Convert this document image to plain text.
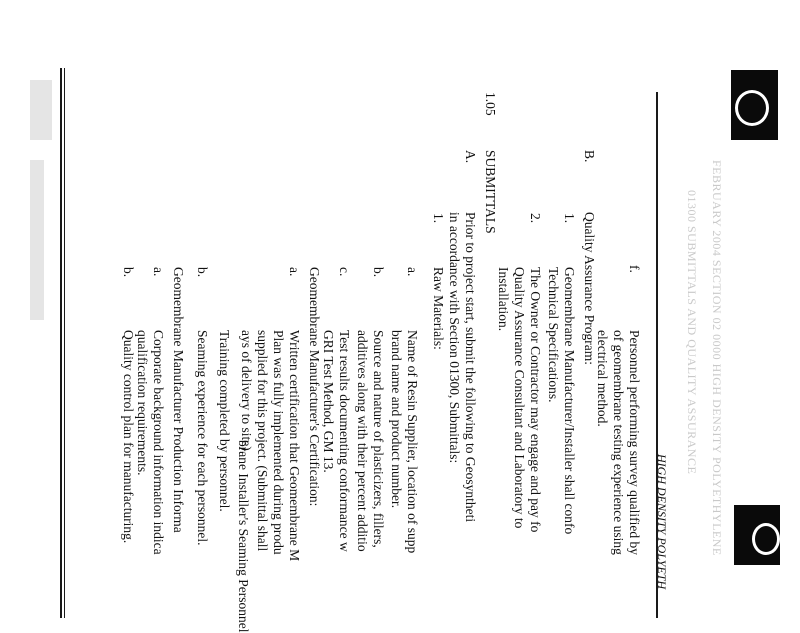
FEBRUARY 2004 SECTION 02 0000 HIGH DENSITY POLYETHYLENE
01300 SUBMITTALS AND QUALITY ASSURANCE
HIGH DENSITY POLYETH
f.
Personnel performing survey qualified by
of geomembrane testing experience using
electrical method.
B.
Quality Assurance Program:
1.
Geomembrane Manufacturer/Installer shall confo
Technical Specifications.
2.
The Owner or Contractor may engage and pay fo
Quality Assurance Consultant and Laboratory to
Installation.
1.05
SUBMITTALS
A.
Prior to project start, submit the following to Geosyntheti
in accordance with Section 01300, Submittals:
1.
Raw Materials:
a.
Name of Resin Supplier, location of supp
brand name and product number.
b.
Source and nature of plasticizers, fillers,
additives along with their percent additio
c.
Test results documenting conformance w
GRI Test Method, GM 13.
Geomembrane Manufacturer's Certification:
a.
Written certification that Geomembrane M
Plan was fully implemented during produ
supplied for this project. (Submittal shall
ays of delivery to site).
brane Installer's Seaming Personnel
Training completed by personnel.
b.
Seaming experience for each personnel.
Geomembrane Manufacturer Production Informa
a.
Corporate background information indica
qualification requirements.
b.
Quality control plan for manufacturing.
